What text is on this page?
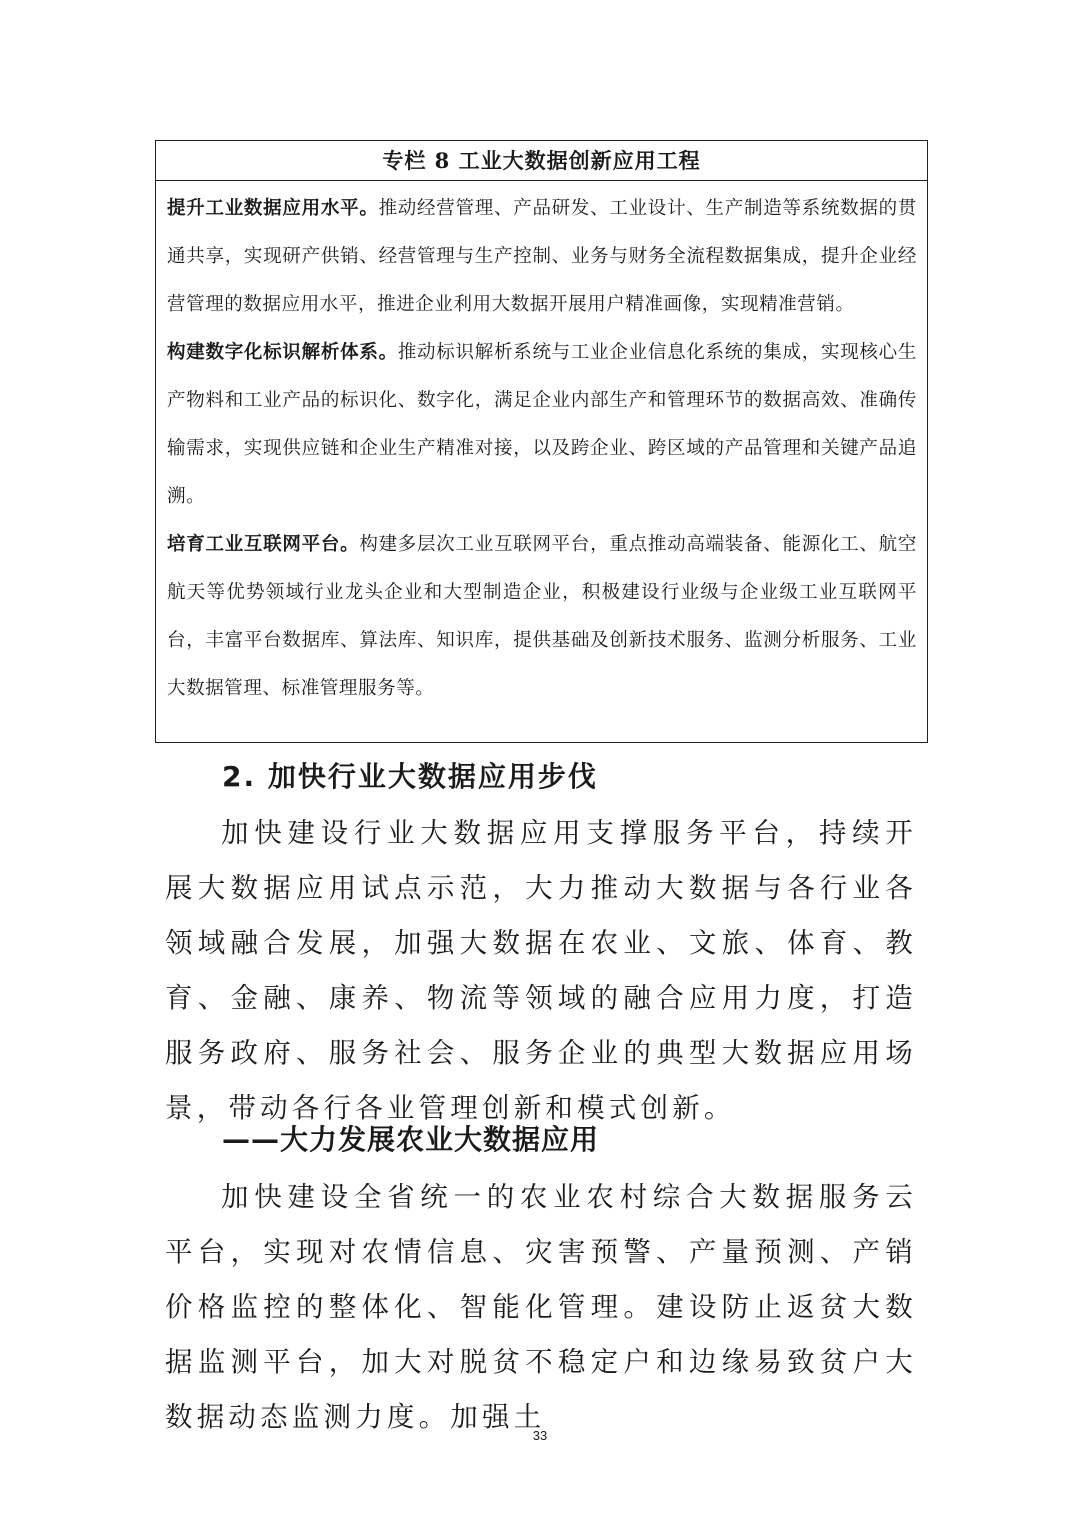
专栏 8 工业大数据创新应用工程
提升工业数据应用水平。推动经营管理、产品研发、工业设计、生产制造等系统数据的贯通共享，实现研产供销、经营管理与生产控制、业务与财务全流程数据集成，提升企业经营管理的数据应用水平，推进企业利用大数据开展用户精准画像，实现精准营销。
构建数字化标识解析体系。推动标识解析系统与工业企业信息化系统的集成，实现核心生产物料和工业产品的标识化、数字化，满足企业内部生产和管理环节的数据高效、准确传输需求，实现供应链和企业生产精准对接，以及跨企业、跨区域的产品管理和关键产品追溯。
培育工业互联网平台。构建多层次工业互联网平台，重点推动高端装备、能源化工、航空航天等优势领域行业龙头企业和大型制造企业，积极建设行业级与企业级工业互联网平台，丰富平台数据库、算法库、知识库，提供基础及创新技术服务、监测分析服务、工业大数据管理、标准管理服务等。
2. 加快行业大数据应用步伐

加快建设行业大数据应用支撑服务平台，持续开展大数据应用试点示范，大力推动大数据与各行业各领域融合发展，加强大数据在农业、文旅、体育、教育、金融、康养、物流等领域的融合应用力度，打造服务政府、服务社会、服务企业的典型大数据应用场景，带动各行各业管理创新和模式创新。

——大力发展农业大数据应用

加快建设全省统一的农业农村综合大数据服务云平台，实现对农情信息、灾害预警、产量预测、产销价格监控的整体化、智能化管理。建设防止返贫大数据监测平台，加大对脱贫不稳定户和边缘易致贫户大数据动态监测力度。加强土

33
